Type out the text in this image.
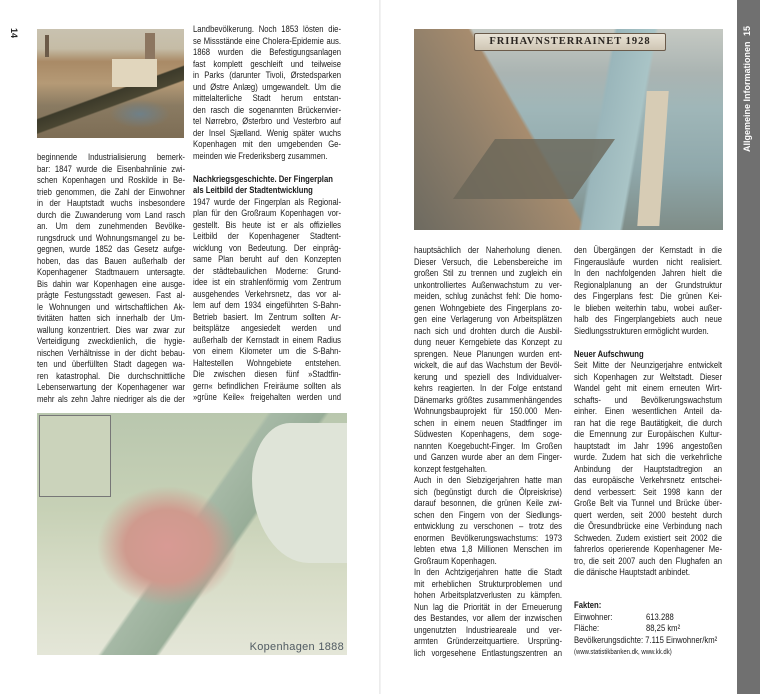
14	15
Allgemeine Informationen
FRIHAVNSTERRAINET 1928
Kopenhagen 1888
beginnende Industrialisierung bemerk-
bar: 1847 wurde die Eisenbahnlinie zwi-
schen Kopenhagen und Roskilde in Be-
trieb genommen, die Zahl der Einwohner
in der Hauptstadt wuchs insbesondere
durch die Zuwanderung vom Land rasch
an. Um dem zunehmenden Bevölke-
rungsdruck und Wohnungsmangel zu be-
gegnen, wurde 1852 das Gesetz aufge-
hoben, das das Bauen außerhalb der
Kopenhagener Stadtmauern untersagte.
Bis dahin war Kopenhagen eine ausge-
prägte Festungsstadt gewesen. Fast al-
le Wohnungen und wirtschaftlichen Ak-
tivitäten hatten sich innerhalb der Um-
wallung konzentriert. Dies war zwar zur
Verteidigung zweckdienlich, die hygie-
nischen Verhältnisse in der dicht bebau-
ten und überfüllten Stadt dagegen wa-
ren katastrophal. Die durchschnittliche
Lebenserwartung der Kopenhagener war
mehr als zehn Jahre niedriger als die der
Landbevölkerung. Noch 1853 lösten die-
se Missstände eine Cholera-Epidemie aus.
1868 wurden die Befestigungsanlagen
fast komplett geschleift und teilweise
in Parks (darunter Tivoli, Ørstedsparken
und Østre Anlæg) umgewandelt. Um die
mittelalterliche Stadt herum entstan-
den rasch die sogenannten Brückenvier-
tel Nørrebro, Østerbro und Vesterbro auf
der Insel Sjælland. Wenig später wuchs
Kopenhagen mit den umgebenden Ge-
meinden wie Frederiksberg zusammen.
Nachkriegsgeschichte. Der Fingerplan
als Leitbild der Stadtentwicklung
1947 wurde der Fingerplan als Regional-
plan für den Großraum Kopenhagen vor-
gestellt. Bis heute ist er als offizielles
Leitbild der Kopenhagener Stadtent-
wicklung von Bedeutung. Der einpräg-
same Plan beruht auf den Konzepten
der städtebaulichen Moderne: Grund-
idee ist ein strahlenförmig vom Zentrum
ausgehendes Verkehrsnetz, das vor al-
lem auf dem 1934 eingeführten S-Bahn-
Betrieb basiert. Im Zentrum sollten Ar-
beitsplätze angesiedelt werden und
außerhalb der Kernstadt in einem Radius
von einem Kilometer um die S-Bahn-
Haltestellen Wohngebiete entstehen.
Die zwischen diesen fünf »Stadtfin-
gern« befindlichen Freiräume sollten als
»grüne Keile« freigehalten werden und
hauptsächlich der Naherholung dienen.
Dieser Versuch, die Lebensbereiche im
großen Stil zu trennen und zugleich ein
unkontrolliertes Außenwachstum zu ver-
meiden, schlug zunächst fehl: Die homo-
genen Wohngebiete des Fingerplans zo-
gen eine Verlagerung von Arbeitsplätzen
nach sich und drohten durch die Ausbil-
dung neuer Kerngebiete das Konzept zu
sprengen. Neue Planungen wurden ent-
wickelt, die auf das Wachstum der Bevöl-
kerung und speziell des Individualver-
kehrs reagierten. In der Folge entstand
Dänemarks größtes zusammenhängendes
Wohnungsbauprojekt für 150.000 Men-
schen in einem neuen Stadtfinger im
Südwesten Kopenhagens, dem soge-
nannten Koegebucht-Finger. Im Großen
und Ganzen wurde aber an dem Finger-
konzept festgehalten.
Auch in den Siebzigerjahren hatte man
sich (begünstigt durch die Ölpreiskrise)
darauf besonnen, die grünen Keile zwi-
schen den Fingern von der Siedlungs-
entwicklung zu verschonen – trotz des
enormen Bevölkerungswachstums: 1973
lebten etwa 1,8 Millionen Menschen im
Großraum Kopenhagen.
In den Achtzigerjahren hatte die Stadt
mit erheblichen Strukturproblemen und
hohen Arbeitsplatzverlusten zu kämpfen.
Nun lag die Priorität in der Erneuerung
des Bestandes, vor allem der inzwischen
ungenutzten Industrieareale und ver-
armten Gründerzeitquartiere. Ursprüng-
lich vorgesehene Entlastungszentren an
den Übergängen der Kernstadt in die
Fingerausläufe wurden nicht realisiert.
In den nachfolgenden Jahren hielt die
Regionalplanung an der Grundstruktur
des Fingerplans fest: Die grünen Kei-
le blieben weiterhin tabu, wobei außer-
halb des Fingerplangebiets auch neue
Siedlungsstrukturen ermöglicht wurden.
Neuer Aufschwung
Seit Mitte der Neunzigerjahre entwickelt
sich Kopenhagen zur Weltstadt. Dieser
Wandel geht mit einem erneuten Wirt-
schafts- und Bevölkerungswachstum
einher. Einen wesentlichen Anteil da-
ran hat die rege Bautätigkeit, die durch
die Ernennung zur Europäischen Kultur-
hauptstadt im Jahr 1996 angestoßen
wurde. Zudem hat sich die verkehrliche
Anbindung der Hauptstadtregion an
das europäische Verkehrsnetz entschei-
dend verbessert: Seit 1998 kann der
Große Belt via Tunnel und Brücke über-
quert werden, seit 2000 besteht durch
die Öresundbrücke eine Verbindung nach
Schweden. Zudem existiert seit 2002 die
fahrerlos operierende Kopenhagener Me-
tro, die seit 2007 auch den Flughafen an
die dänische Hauptstadt anbindet.
Fakten:
Einwohner:	613.288
Fläche:	88,25 km²
Bevölkerungsdichte:
7.115 Einwohner/km²
(www.statistikbanken.dk, www.kk.dk)
